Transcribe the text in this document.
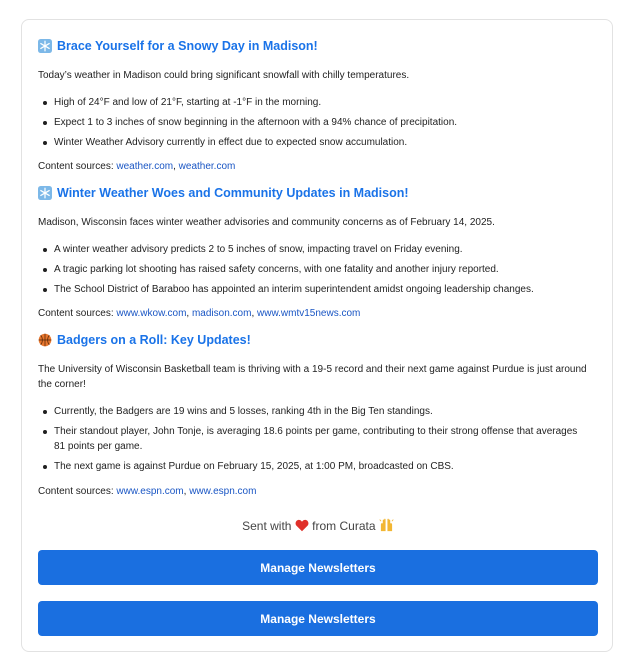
Brace Yourself for a Snowy Day in Madison!
Today’s weather in Madison could bring significant snowfall with chilly temperatures.
High of 24°F and low of 21°F, starting at -1°F in the morning.
Expect 1 to 3 inches of snow beginning in the afternoon with a 94% chance of precipitation.
Winter Weather Advisory currently in effect due to expected snow accumulation.
Content sources: weather.com, weather.com
Winter Weather Woes and Community Updates in Madison!
Madison, Wisconsin faces winter weather advisories and community concerns as of February 14, 2025.
A winter weather advisory predicts 2 to 5 inches of snow, impacting travel on Friday evening.
A tragic parking lot shooting has raised safety concerns, with one fatality and another injury reported.
The School District of Baraboo has appointed an interim superintendent amidst ongoing leadership changes.
Content sources: www.wkow.com, madison.com, www.wmtv15news.com
Badgers on a Roll: Key Updates!
The University of Wisconsin Basketball team is thriving with a 19-5 record and their next game against Purdue is just around the corner!
Currently, the Badgers are 19 wins and 5 losses, ranking 4th in the Big Ten standings.
Their standout player, John Tonje, is averaging 18.6 points per game, contributing to their strong offense that averages 81 points per game.
The next game is against Purdue on February 15, 2025, at 1:00 PM, broadcasted on CBS.
Content sources: www.espn.com, www.espn.com
Sent with from Curata
Manage Newsletters
Manage Newsletters
